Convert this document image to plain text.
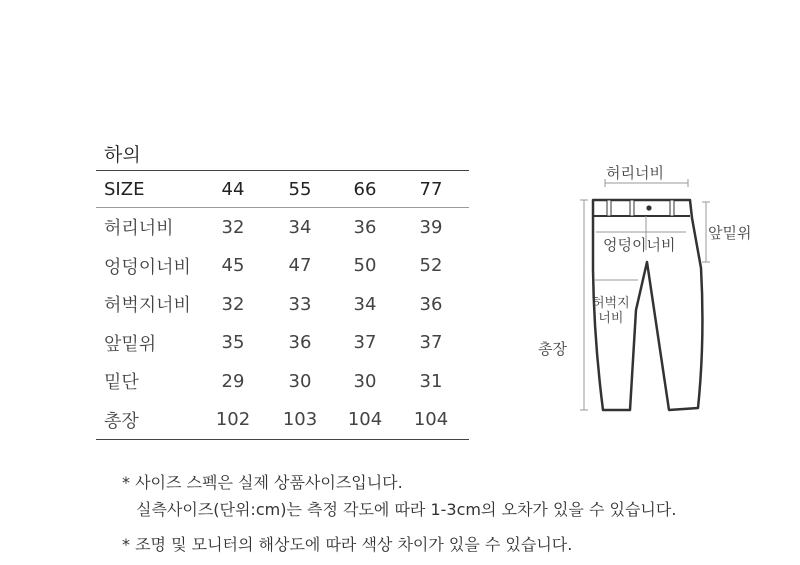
하의
SIZE	44	55	66	77
허리너비	32	34	36	39
엉덩이너비	45	47	50	52
허벅지너비	32	33	34	36
앞밑위	35	36	37	37
밑단	29	30	30	31
총장	102	103	104	104
허리너비
앞밑위
엉덩이너비
허벅지
너비
총장
* 사이즈 스펙은 실제 상품사이즈입니다.
실측사이즈(단위:cm)는 측정 각도에 따라 1-3cm의 오차가 있을 수 있습니다.
* 조명 및 모니터의 해상도에 따라 색상 차이가 있을 수 있습니다.
